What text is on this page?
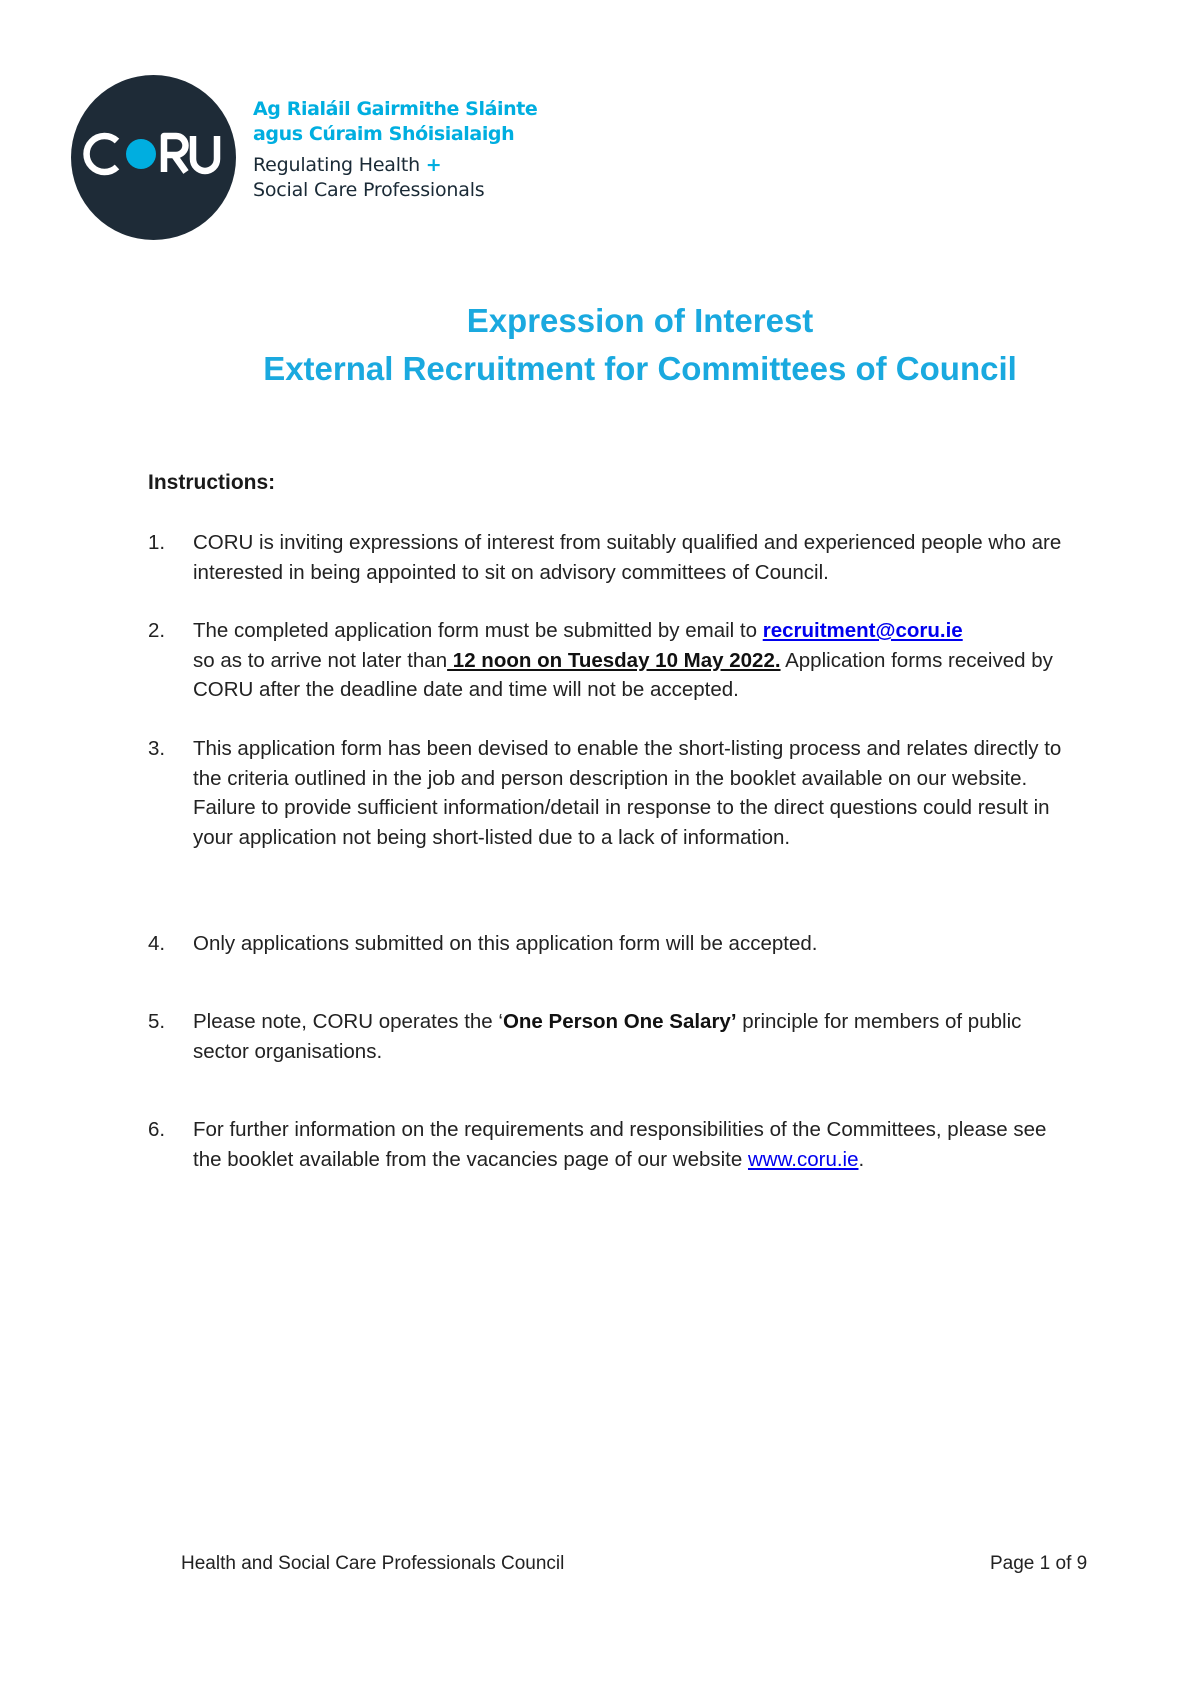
Ag Rialáil Gairmithe Sláinte
agus Cúraim Shóisialaigh
Regulating Health +
Social Care Professionals
Expression of Interest
External Recruitment for Committees of Council
Instructions:
1.	CORU is inviting expressions of interest from suitably qualified and experienced people who are interested in being appointed to sit on advisory committees of Council.
2.	The completed application form must be submitted by email to recruitment@coru.ie
so as to arrive not later than 12 noon on Tuesday 10 May 2022. Application forms received by CORU after the deadline date and time will not be accepted.
3.	This application form has been devised to enable the short-listing process and relates directly to the criteria outlined in the job and person description in the booklet available on our website. Failure to provide sufficient information/detail in response to the direct questions could result in your application not being short-listed due to a lack of information.
4.	Only applications submitted on this application form will be accepted.
5.	Please note, CORU operates the ‘One Person One Salary’ principle for members of public sector organisations.
6.	For further information on the requirements and responsibilities of the Committees, please see the booklet available from the vacancies page of our website www.coru.ie.
Health and Social Care Professionals Council	Page 1 of 9
